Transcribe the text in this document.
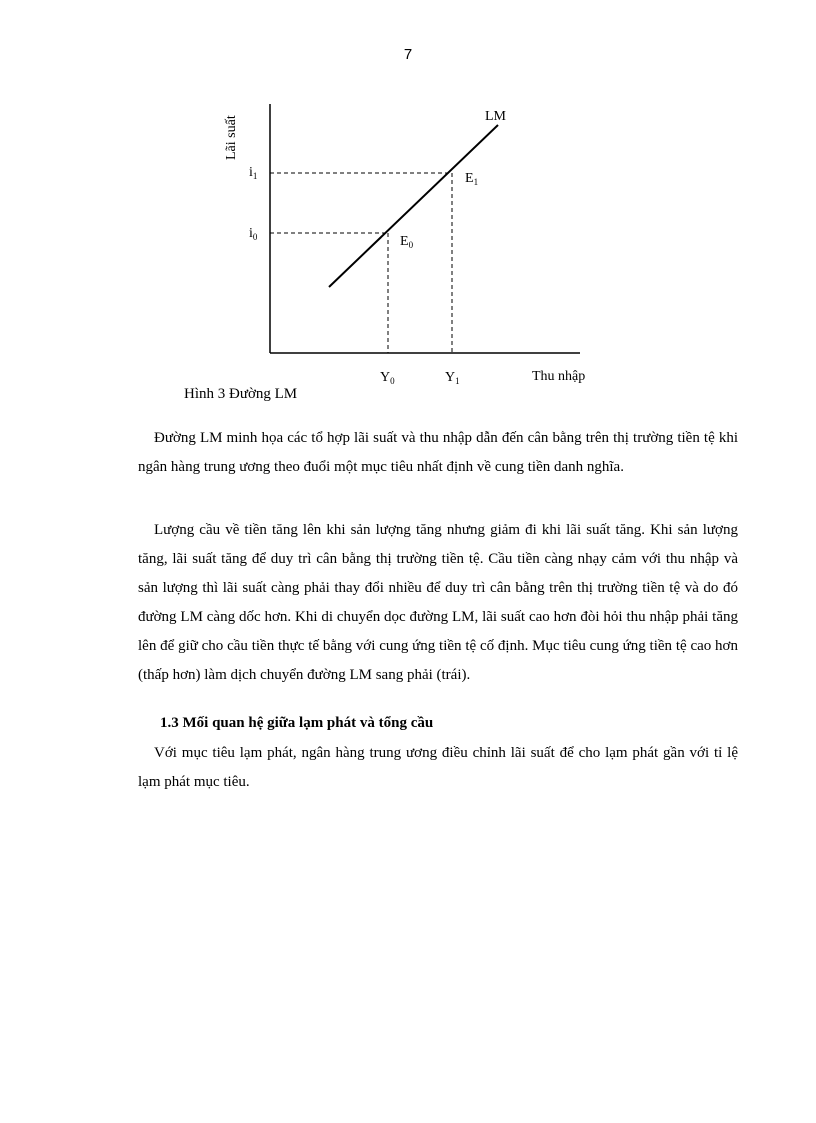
7
Lãi suất	LM
$i_1$
$i_0$
$E_1$
$E_0$
$Y_0$	$Y_1$	Thu nhập
Hình 3 Đường LM
Đường LM minh họa các tổ hợp lãi suất và thu nhập dẫn đến cân bằng trên thị trường tiền tệ khi ngân hàng trung ương theo đuổi một mục tiêu nhất định về cung tiền danh nghĩa.
Lượng cầu về tiền tăng lên khi sản lượng tăng nhưng giảm đi khi lãi suất tăng. Khi sản lượng tăng, lãi suất tăng để duy trì cân bằng thị trường tiền tệ. Cầu tiền càng nhạy cảm với thu nhập và sản lượng thì lãi suất càng phải thay đổi nhiều để duy trì cân bằng trên thị trường tiền tệ và do đó đường LM càng dốc hơn. Khi di chuyển dọc đường LM, lãi suất cao hơn đòi hỏi thu nhập phải tăng lên để giữ cho cầu tiền thực tế bằng với cung ứng tiền tệ cố định. Mục tiêu cung ứng tiền tệ cao hơn (thấp hơn) làm dịch chuyển đường LM sang phải (trái).
1.3 Mối quan hệ giữa lạm phát và tổng cầu
Với mục tiêu lạm phát, ngân hàng trung ương điều chỉnh lãi suất để cho lạm phát gần với tỉ lệ lạm phát mục tiêu.
